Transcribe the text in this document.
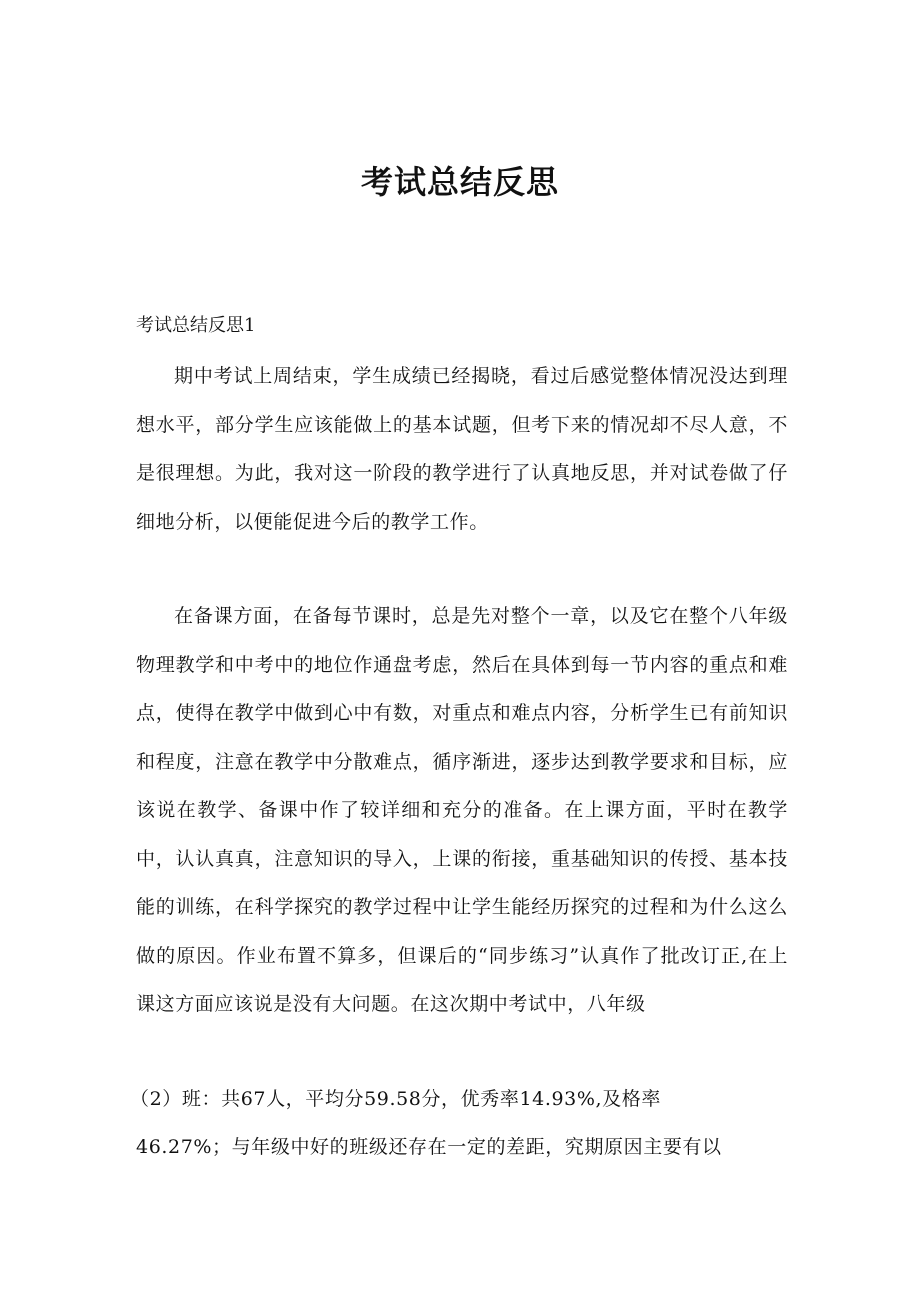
考试总结反思
考试总结反思1
期中考试上周结束，学生成绩已经揭晓，看过后感觉整体情况没达到理想水平，部分学生应该能做上的基本试题，但考下来的情况却不尽人意，不是很理想。为此，我对这一阶段的教学进行了认真地反思，并对试卷做了仔细地分析，以便能促进今后的教学工作。
在备课方面，在备每节课时，总是先对整个一章，以及它在整个八年级物理教学和中考中的地位作通盘考虑，然后在具体到每一节内容的重点和难点，使得在教学中做到心中有数，对重点和难点内容，分析学生已有前知识和程度，注意在教学中分散难点，循序渐进，逐步达到教学要求和目标，应该说在教学、备课中作了较详细和充分的准备。在上课方面，平时在教学中，认认真真，注意知识的导入，上课的衔接，重基础知识的传授、基本技能的训练，在科学探究的教学过程中让学生能经历探究的过程和为什么这么做的原因。作业布置不算多，但课后的“同步练习”认真作了批改订正,在上课这方面应该说是没有大问题。在这次期中考试中，八年级
（2）班：共67人，平均分59.58分，优秀率14.93%,及格率
46.27%；与年级中好的班级还存在一定的差距，究期原因主要有以
